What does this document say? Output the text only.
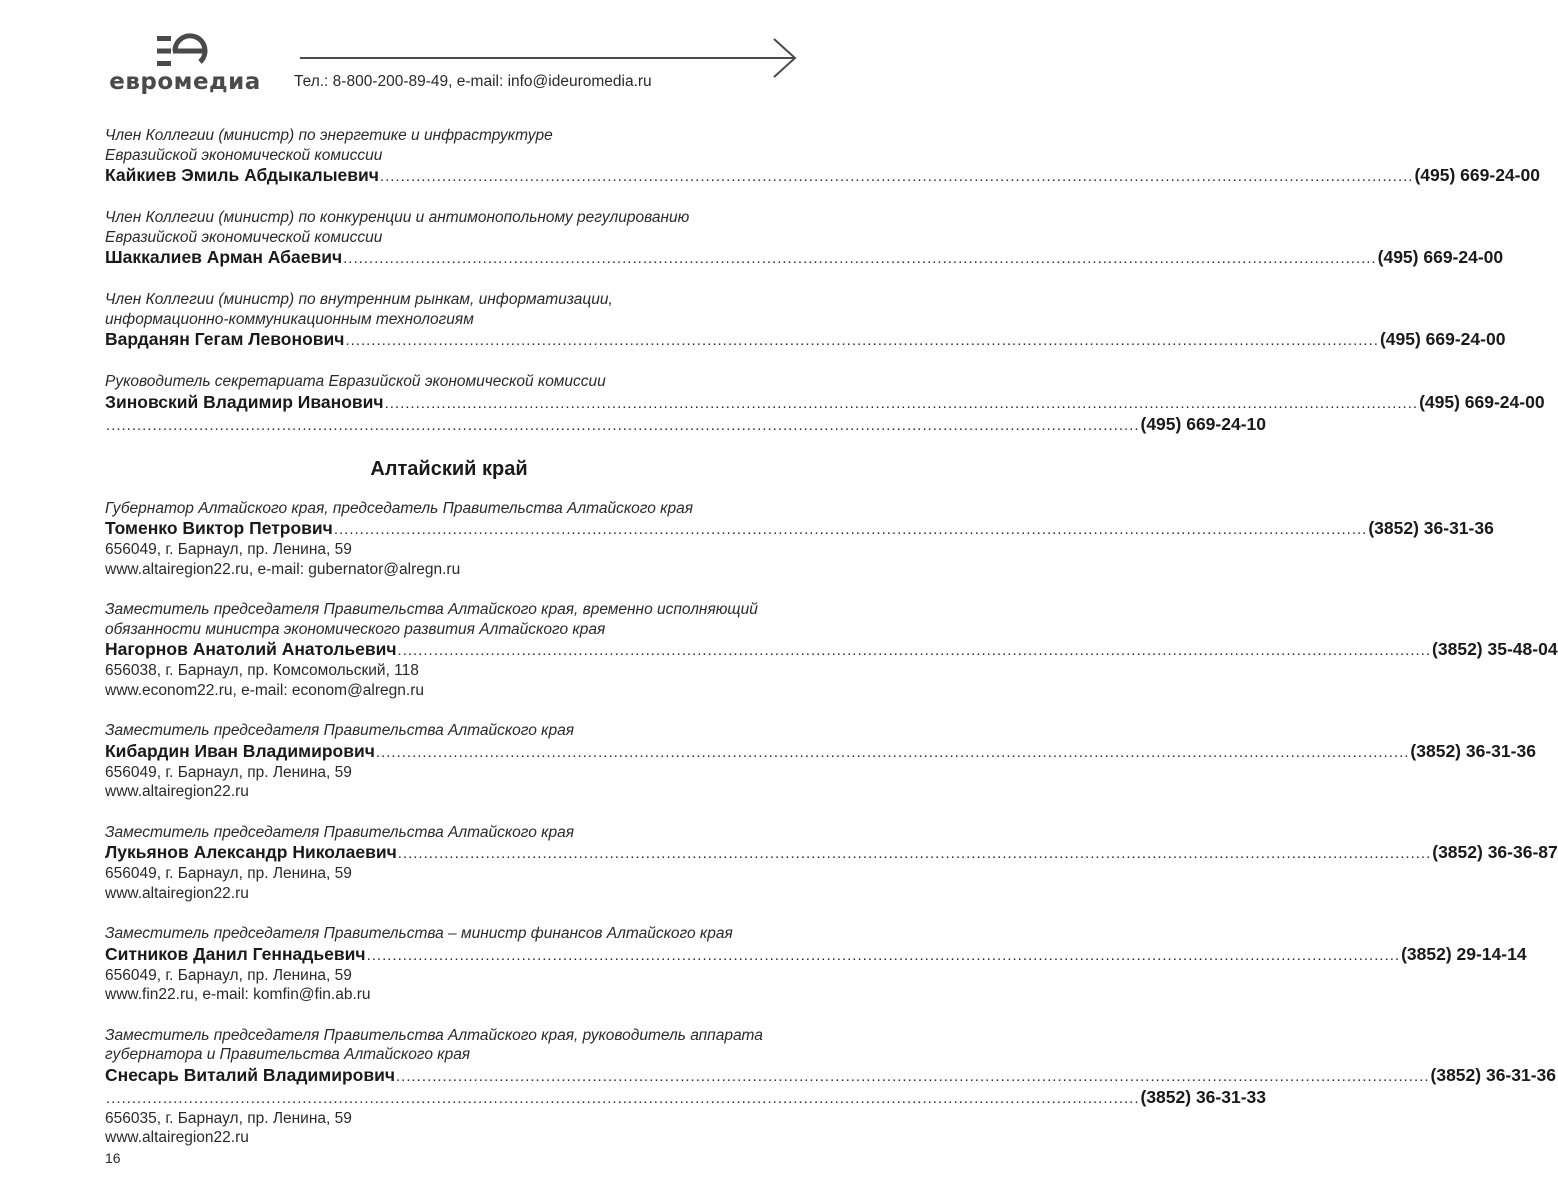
евромедиа Тел.: 8-800-200-89-49, e-mail: info@ideuromedia.ru
Член Коллегии (министр) по энергетике и инфраструктуре
Евразийской экономической комиссии
Кайкиев Эмиль Абдыкалыевич ........................................................................................................................................................................................................ (495) 669-24-00
Член Коллегии (министр) по конкуренции и антимонопольному регулированию
Евразийской экономической комиссии
Шаккалиев Арман Абаевич ........................................................................................................................................................................................................ (495) 669-24-00
Член Коллегии (министр) по внутренним рынкам, информатизации,
информационно-коммуникационным технологиям
Варданян Гегам Левонович ........................................................................................................................................................................................................ (495) 669-24-00
Руководитель секретариата Евразийской экономической комиссии
Зиновский Владимир Иванович ........................................................................................................................................................................................................ (495) 669-24-00
........................................................................................................................................................................................................ (495) 669-24-10
Алтайский край
Губернатор Алтайского края, председатель Правительства Алтайского края
Томенко Виктор Петрович ........................................................................................................................................................................................................ (3852) 36-31-36
656049, г. Барнаул, пр. Ленина, 59
www.altairegion22.ru, e-mail: gubernator@alregn.ru
Заместитель председателя Правительства Алтайского края, временно исполняющий
обязанности министра экономического развития Алтайского края
Нагорнов Анатолий Анатольевич ........................................................................................................................................................................................................ (3852) 35-48-04
656038, г. Барнаул, пр. Комсомольский, 118
www.econom22.ru, e-mail: econom@alregn.ru
Заместитель председателя Правительства Алтайского края
Кибардин Иван Владимирович ........................................................................................................................................................................................................ (3852) 36-31-36
656049, г. Барнаул, пр. Ленина, 59
www.altairegion22.ru
Заместитель председателя Правительства Алтайского края
Лукьянов Александр Николаевич ........................................................................................................................................................................................................ (3852) 36-36-87
656049, г. Барнаул, пр. Ленина, 59
www.altairegion22.ru
Заместитель председателя Правительства – министр финансов Алтайского края
Ситников Данил Геннадьевич ........................................................................................................................................................................................................ (3852) 29-14-14
656049, г. Барнаул, пр. Ленина, 59
www.fin22.ru, e-mail: komfin@fin.ab.ru
Заместитель председателя Правительства Алтайского края, руководитель аппарата
губернатора и Правительства Алтайского края
Снесарь Виталий Владимирович ........................................................................................................................................................................................................ (3852) 36-31-36
........................................................................................................................................................................................................ (3852) 36-31-33
656035, г. Барнаул, пр. Ленина, 59
www.altairegion22.ru
16
